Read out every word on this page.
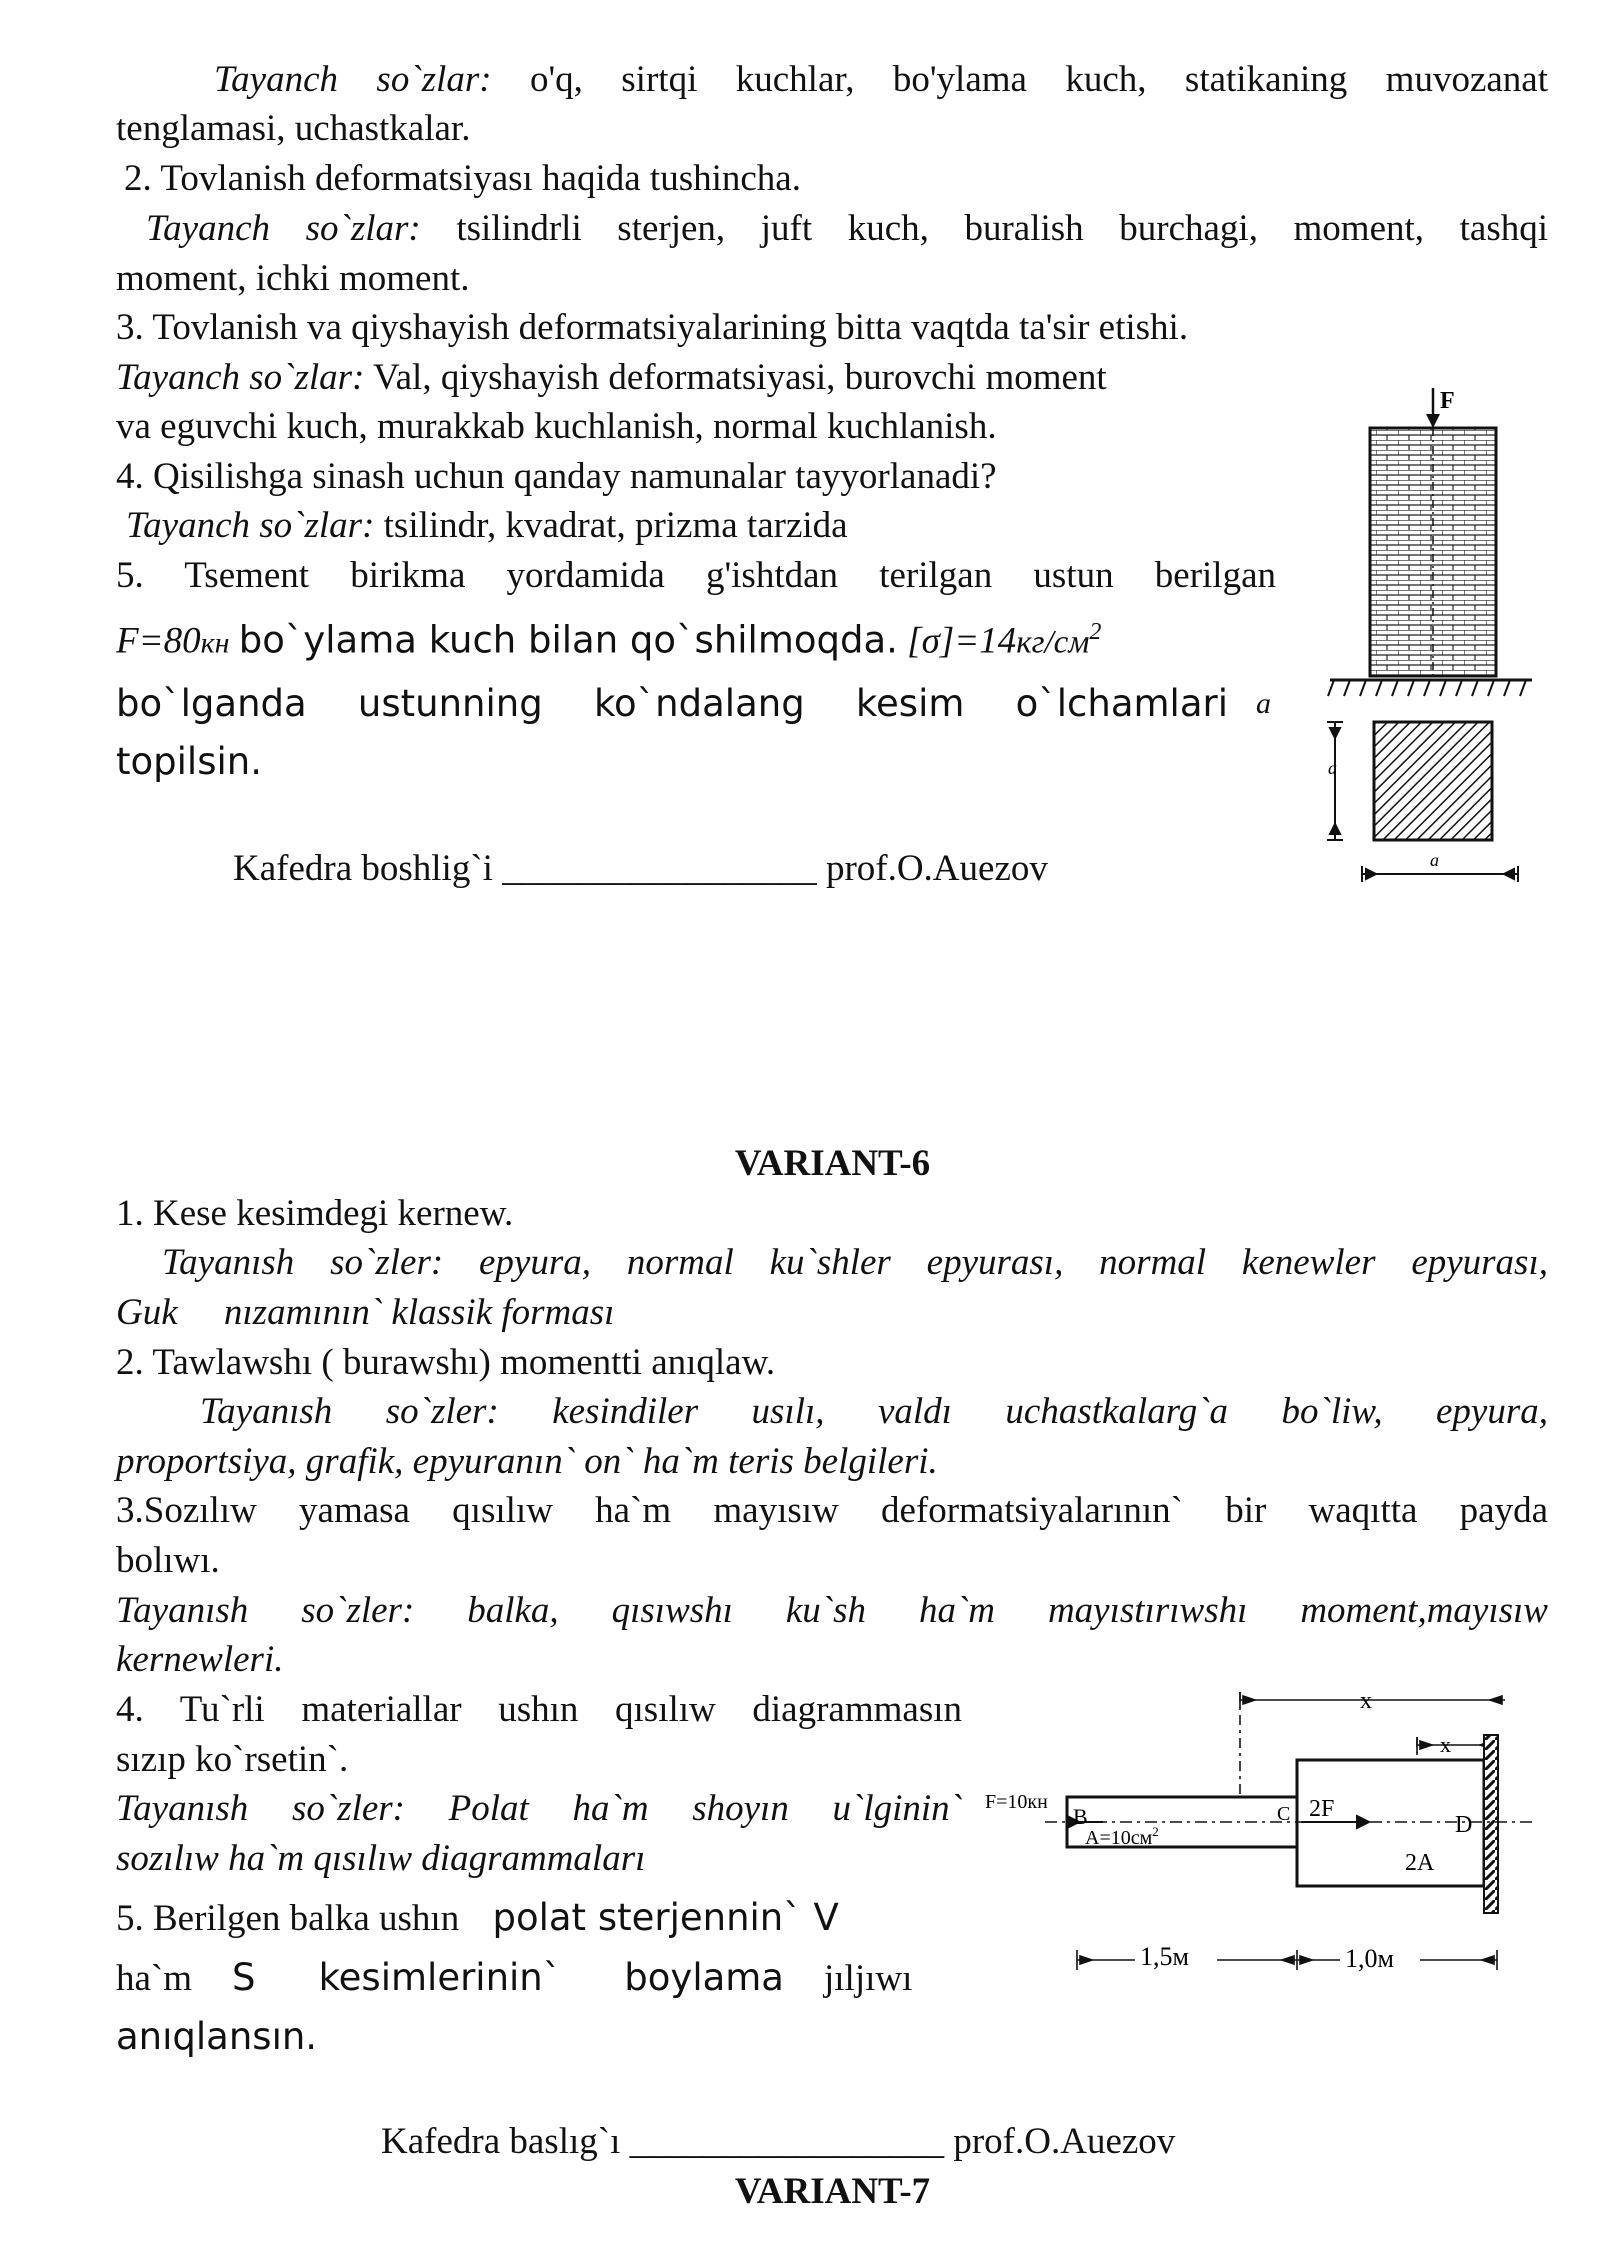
Tayanch so`zlar: o'q, sirtqi kuchlar, bo'ylama kuch, statikaning muvozanat
tenglamasi, uchastkalar.
2. Tovlanish deformatsiyası haqida tushincha.
Tayanch so`zlar: tsilindrli sterjen, juft kuch, buralish burchagi, moment, tashqi
moment, ichki moment.
3. Tovlanish va qiyshayish deformatsiyalarining bitta vaqtda ta'sir etishi.
Tayanch so`zlar: Val, qiyshayish deformatsiyasi, burovchi moment
va eguvchi kuch, murakkab kuchlanish, normal kuchlanish.
4. Qisilishga sinash uchun qanday namunalar tayyorlanadi?
Tayanch so`zlar: tsilindr, kvadrat, prizma tarzida
5. Tsement birikma yordamida g'ishtdan terilgan ustun berilgan
F=80кн bo`ylama kuch bilan qo`shilmoqda. $[\sigma]=14кг/см^2$
bo`lganda ustunning ko`ndalang kesim o`lchamlari a
topilsin.
Kafedra boshlig`i _________________ prof.O.Auezov
F
a
a
VARIANT-6
1. Kese kesimdegi kernew.
Tayanısh so`zler: epyura, normal ku`shler epyurası, normal kenewler epyurası,
Guk     nızamının` klassik forması
2. Tawlawshı ( burawshı) momentti anıqlaw.
Tayanısh so`zler: kesindiler usılı, valdı uchastkalarg`a bo`liw, epyura,
proportsiya, grafik, epyuranın` on` ha`m teris belgileri.
3.Sozılıw yamasa qısılıw ha`m mayısıw deformatsiyalarının` bir waqıtta payda
bolıwı.
Tayanısh so`zler: balka, qısıwshı ku`sh ha`m mayıstırıwshı moment,mayısıw
kernewleri.
4. Tu`rli materiallar ushın qısılıw diagrammasın
sızıp ko`rsetin`.
Tayanısh so`zler: Polat ha`m shoyın u`lginin`
sozılıw ha`m qısılıw diagrammaları
5. Berilgen balka ushın polat sterjennin` V
ha`m S    kesimlerinin`    boylama jıljıwı
anıqlansın.
Kafedra baslıg`ı _________________ prof.O.Auezov
x
x
F=10кн
B	C	D
$A=10см^2$
2F
2A
1,5м	1,0м
VARIANT-7
